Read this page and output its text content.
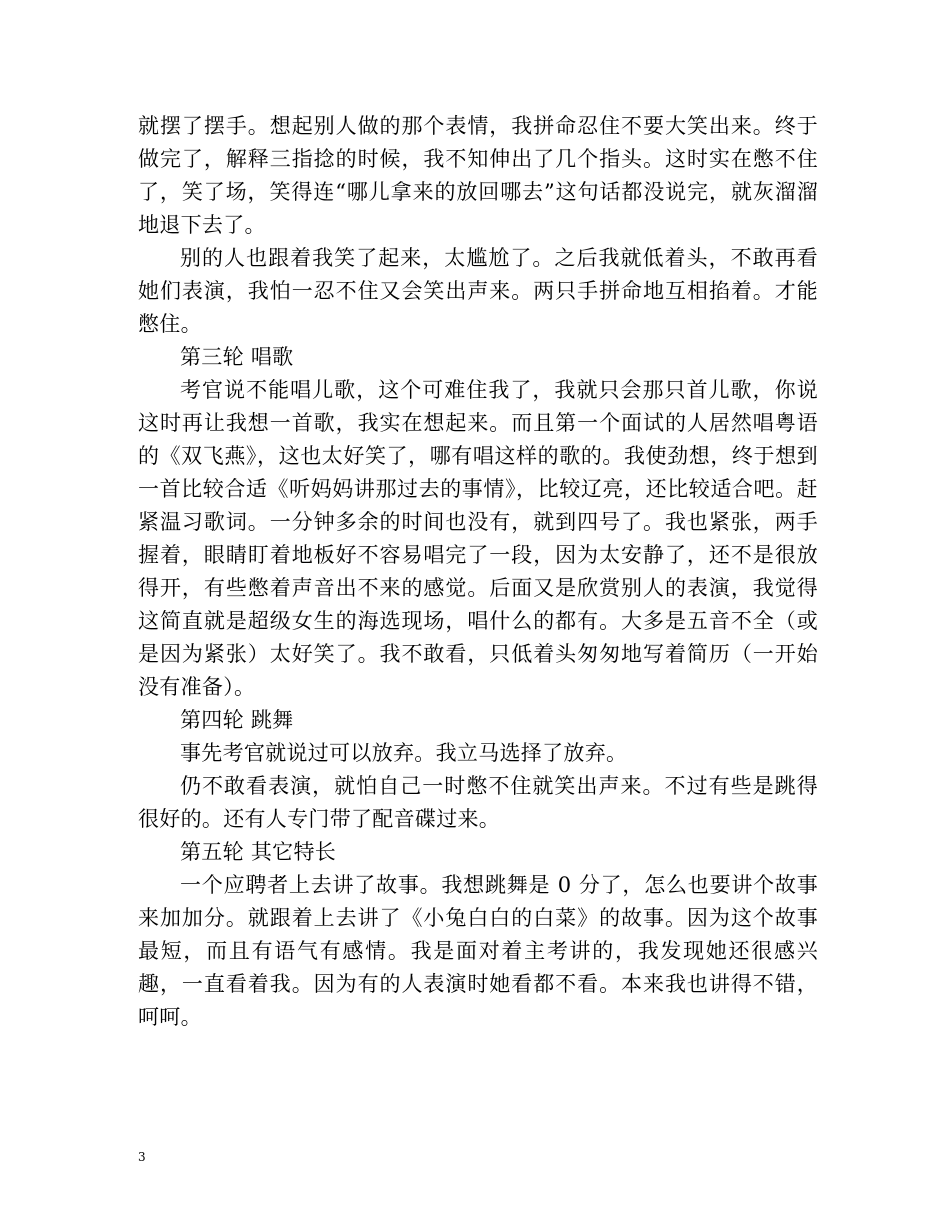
就摆了摆手。想起别人做的那个表情，我拼命忍住不要大笑出来。终于做完了，解释三指捻的时候，我不知伸出了几个指头。这时实在憋不住了，笑了场，笑得连“哪儿拿来的放回哪去”这句话都没说完，就灰溜溜地退下去了。

别的人也跟着我笑了起来，太尴尬了。之后我就低着头，不敢再看她们表演，我怕一忍不住又会笑出声来。两只手拼命地互相掐着。才能憋住。

第三轮 唱歌

考官说不能唱儿歌，这个可难住我了，我就只会那只首儿歌，你说这时再让我想一首歌，我实在想起来。而且第一个面试的人居然唱粤语的《双飞燕》，这也太好笑了，哪有唱这样的歌的。我使劲想，终于想到一首比较合适《听妈妈讲那过去的事情》，比较辽亮，还比较适合吧。赶紧温习歌词。一分钟多余的时间也没有，就到四号了。我也紧张，两手握着，眼睛盯着地板好不容易唱完了一段，因为太安静了，还不是很放得开，有些憋着声音出不来的感觉。后面又是欣赏别人的表演，我觉得这简直就是超级女生的海选现场，唱什么的都有。大多是五音不全（或是因为紧张）太好笑了。我不敢看，只低着头匆匆地写着简历（一开始没有准备）。

第四轮 跳舞

事先考官就说过可以放弃。我立马选择了放弃。

仍不敢看表演，就怕自己一时憋不住就笑出声来。不过有些是跳得很好的。还有人专门带了配音碟过来。

第五轮 其它特长

一个应聘者上去讲了故事。我想跳舞是 0 分了，怎么也要讲个故事来加加分。就跟着上去讲了《小兔白白的白菜》的故事。因为这个故事最短，而且有语气有感情。我是面对着主考讲的，我发现她还很感兴趣，一直看着我。因为有的人表演时她看都不看。本来我也讲得不错，呵呵。

3
